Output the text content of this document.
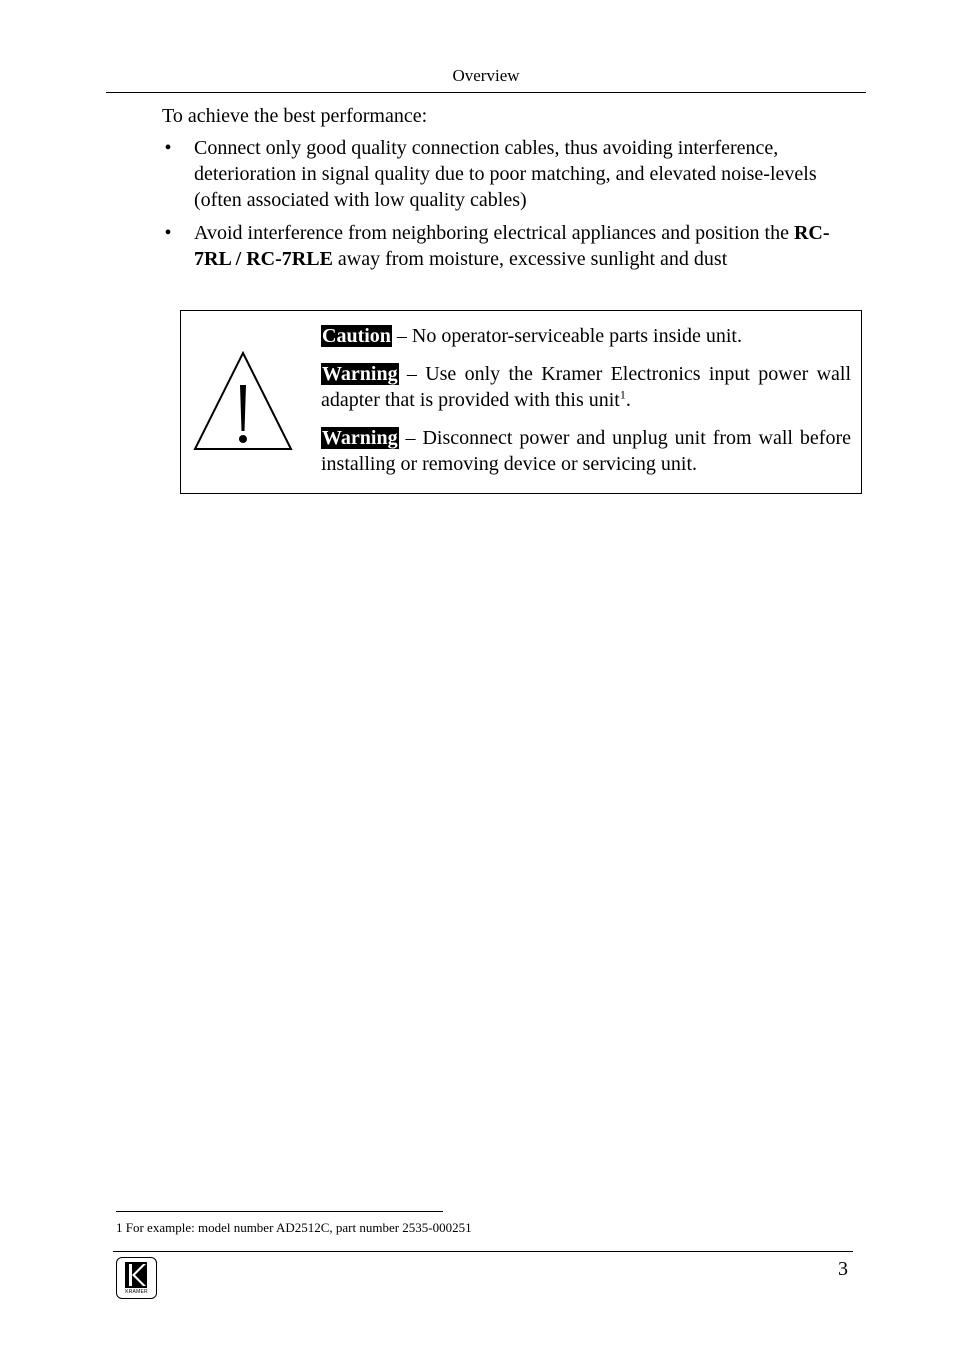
Overview
To achieve the best performance:
• Connect only good quality connection cables, thus avoiding interference, deterioration in signal quality due to poor matching, and elevated noise-levels (often associated with low quality cables)
• Avoid interference from neighboring electrical appliances and position the RC-7RL / RC-7RLE away from moisture, excessive sunlight and dust

Caution – No operator-serviceable parts inside unit.

Warning – Use only the Kramer Electronics input power wall adapter that is provided with this unit$^1$.

Warning – Disconnect power and unplug unit from wall before installing or removing device or servicing unit.

1 For example: model number AD2512C, part number 2535-000251
KRAMER
3
